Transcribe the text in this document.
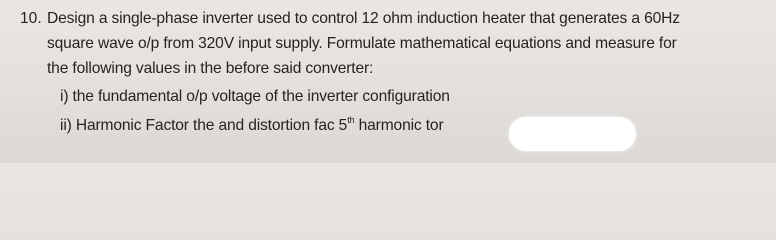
10. Design a single-phase inverter used to control 12 ohm induction heater that generates a 60Hz
square wave o/p from 320V input supply. Formulate mathematical equations and measure for
the following values in the before said converter:
i) the fundamental o/p voltage of the inverter configuration
ii) Harmonic Factor the and distortion fac 5th harmonic tor
